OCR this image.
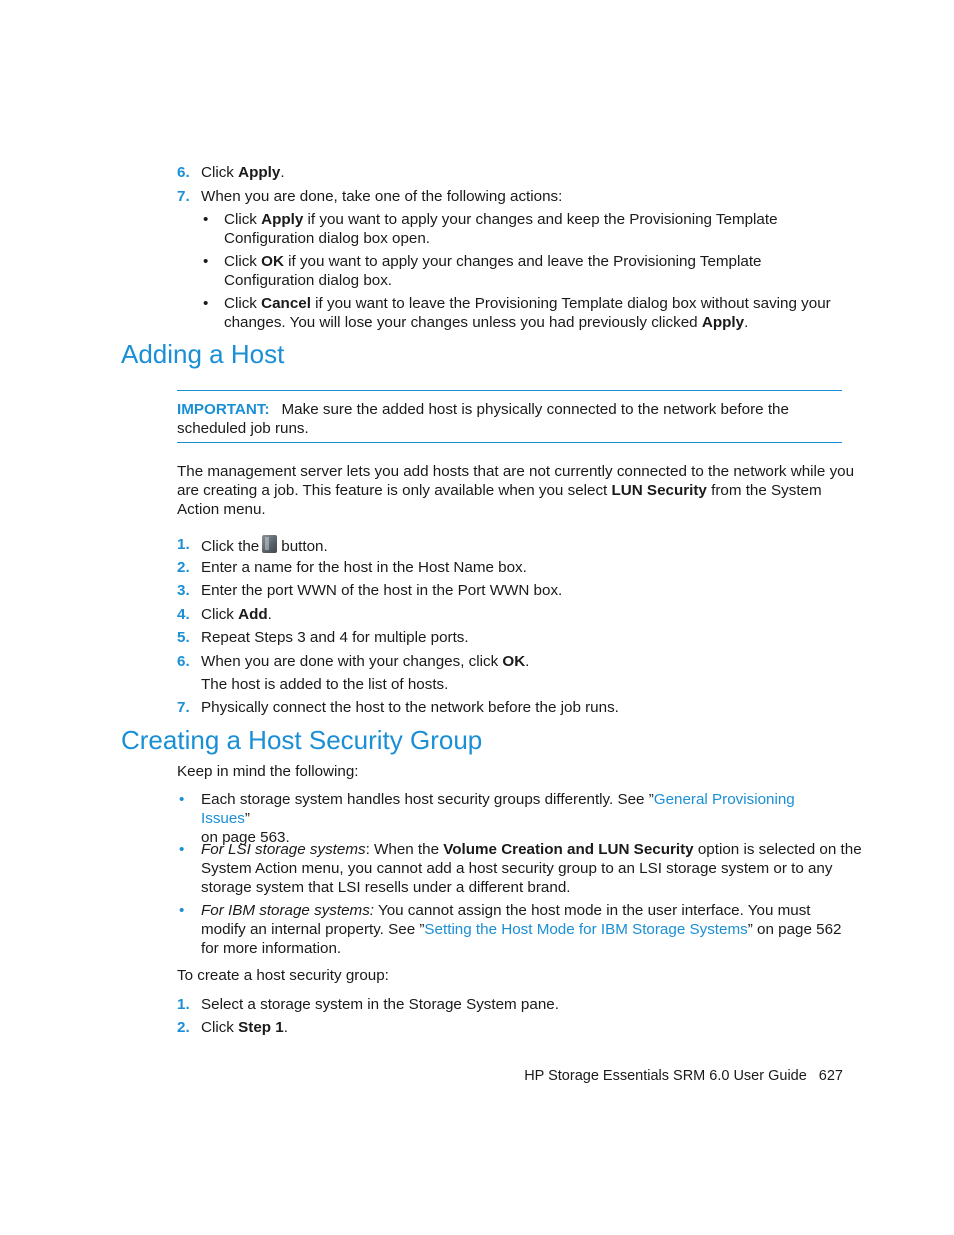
6. Click Apply.
7. When you are done, take one of the following actions:
• Click Apply if you want to apply your changes and keep the Provisioning Template
Configuration dialog box open.
• Click OK if you want to apply your changes and leave the Provisioning Template
Configuration dialog box.
• Click Cancel if you want to leave the Provisioning Template dialog box without saving your
changes. You will lose your changes unless you had previously clicked Apply.
Adding a Host
IMPORTANT: Make sure the added host is physically connected to the network before the
scheduled job runs.
The management server lets you add hosts that are not currently connected to the network while you
are creating a job. This feature is only available when you select LUN Security from the System
Action menu.
1. Click the button.
2. Enter a name for the host in the Host Name box.
3. Enter the port WWN of the host in the Port WWN box.
4. Click Add.
5. Repeat Steps 3 and 4 for multiple ports.
6. When you are done with your changes, click OK.
The host is added to the list of hosts.
7. Physically connect the host to the network before the job runs.
Creating a Host Security Group
Keep in mind the following:
• Each storage system handles host security groups differently. See ”General Provisioning Issues”
on page 563.
• For LSI storage systems: When the Volume Creation and LUN Security option is selected on the
System Action menu, you cannot add a host security group to an LSI storage system or to any
storage system that LSI resells under a different brand.
• For IBM storage systems: You cannot assign the host mode in the user interface. You must
modify an internal property. See ”Setting the Host Mode for IBM Storage Systems” on page 562
for more information.
To create a host security group:
1. Select a storage system in the Storage System pane.
2. Click Step 1.
HP Storage Essentials SRM 6.0 User Guide 627
